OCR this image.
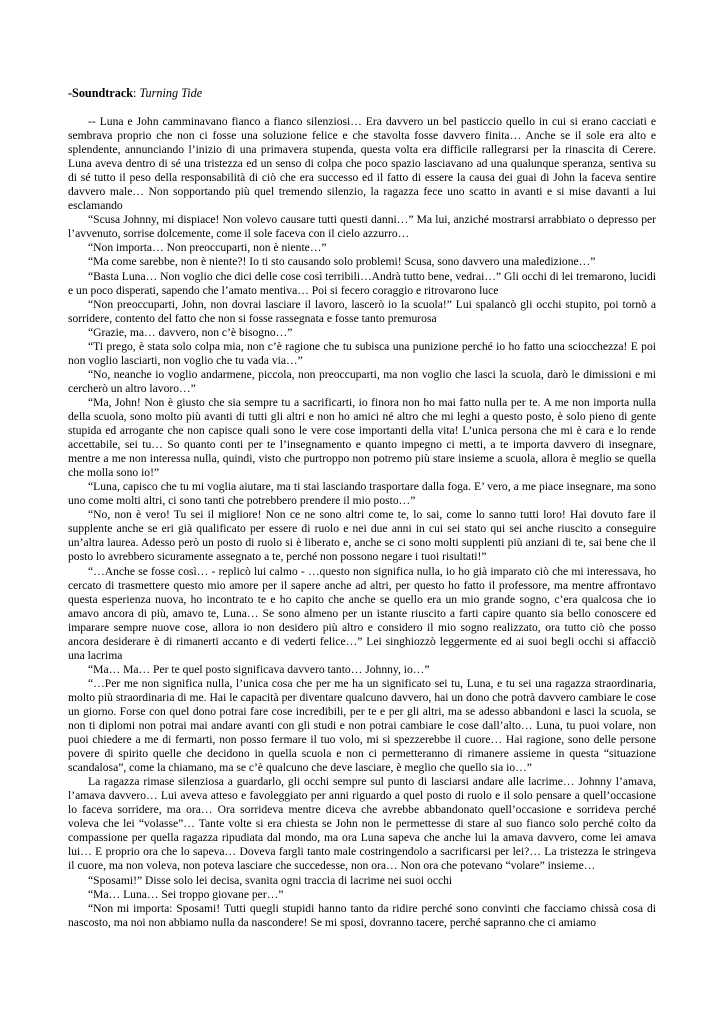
-Soundtrack: Turning Tide

-- Luna e John camminavano fianco a fianco silenziosi… Era davvero un bel pasticcio quello in cui si erano cacciati e sembrava proprio che non ci fosse una soluzione felice e che stavolta fosse davvero finita… Anche se il sole era alto e splendente, annunciando l’inizio di una primavera stupenda, questa volta era difficile rallegrarsi per la rinascita di Cerere. Luna aveva dentro di sé una tristezza ed un senso di colpa che poco spazio lasciavano ad una qualunque speranza, sentiva su di sé tutto il peso della responsabilità di ciò che era successo ed il fatto di essere la causa dei guai di John la faceva sentire davvero male… Non sopportando più quel tremendo silenzio, la ragazza fece uno scatto in avanti e si mise davanti a lui esclamando

“Scusa Johnny, mi dispiace! Non volevo causare tutti questi danni…” Ma lui, anziché mostrarsi arrabbiato o depresso per l’avvenuto, sorrise dolcemente, come il sole faceva con il cielo azzurro…

“Non importa… Non preoccuparti, non è niente…”

“Ma come sarebbe, non è niente?! Io ti sto causando solo problemi! Scusa, sono davvero una maledizione…”

“Basta Luna… Non voglio che dici delle cose così terribili…Andrà tutto bene, vedrai…” Gli occhi di lei tremarono, lucidi e un poco disperati, sapendo che l’amato mentiva… Poi si fecero coraggio e ritrovarono luce

“Non preoccuparti, John, non dovrai lasciare il lavoro, lascerò io la scuola!” Lui spalancò gli occhi stupito, poi tornò a sorridere, contento del fatto che non si fosse rassegnata e fosse tanto premurosa

“Grazie, ma… davvero, non c’è bisogno…”

“Ti prego, è stata solo colpa mia, non c’è ragione che tu subisca una punizione perché io ho fatto una sciocchezza! E poi non voglio lasciarti, non voglio che tu vada via…”

“No, neanche io voglio andarmene, piccola, non preoccuparti, ma non voglio che lasci la scuola, darò le dimissioni e mi cercherò un altro lavoro…”

“Ma, John! Non è giusto che sia sempre tu a sacrificarti, io finora non ho mai fatto nulla per te. A me non importa nulla della scuola, sono molto più avanti di tutti gli altri e non ho amici né altro che mi leghi a questo posto, è solo pieno di gente stupida ed arrogante che non capisce quali sono le vere cose importanti della vita! L’unica persona che mi è cara e lo rende accettabile, sei tu… So quanto conti per te l’insegnamento e quanto impegno ci metti, a te importa davvero di insegnare, mentre a me non interessa nulla, quindi, visto che purtroppo non potremo più stare insieme a scuola, allora è meglio se quella che molla sono io!”

“Luna, capisco che tu mi voglia aiutare, ma ti stai lasciando trasportare dalla foga. E’ vero, a me piace insegnare, ma sono uno come molti altri, ci sono tanti che potrebbero prendere il mio posto…”

“No, non è vero! Tu sei il migliore! Non ce ne sono altri come te, lo sai, come lo sanno tutti loro! Hai dovuto fare il supplente anche se eri già qualificato per essere di ruolo e nei due anni in cui sei stato qui sei anche riuscito a conseguire un’altra laurea. Adesso però un posto di ruolo si è liberato e, anche se ci sono molti supplenti più anziani di te, sai bene che il posto lo avrebbero sicuramente assegnato a te, perché non possono negare i tuoi risultati!”

“…Anche se fosse così… - replicò lui calmo - …questo non significa nulla, io ho già imparato ciò che mi interessava, ho cercato di trasmettere questo mio amore per il sapere anche ad altri, per questo ho fatto il professore, ma mentre affrontavo questa esperienza nuova, ho incontrato te e ho capito che anche se quello era un mio grande sogno, c’era qualcosa che io amavo ancora di più, amavo te, Luna… Se sono almeno per un istante riuscito a farti capire quanto sia bello conoscere ed imparare sempre nuove cose, allora io non desidero più altro e considero il mio sogno realizzato, ora tutto ciò che posso ancora desiderare è di rimanerti accanto e di vederti felice…” Lei singhiozzò leggermente ed ai suoi begli occhi si affacciò una lacrima

“Ma… Ma… Per te quel posto significava davvero tanto… Johnny, io…”

“…Per me non significa nulla, l’unica cosa che per me ha un significato sei tu, Luna, e tu sei una ragazza straordinaria, molto più straordinaria di me. Hai le capacità per diventare qualcuno davvero, hai un dono che potrà davvero cambiare le cose un giorno. Forse con quel dono potrai fare cose incredibili, per te e per gli altri, ma se adesso abbandoni e lasci la scuola, se non ti diplomi non potrai mai andare avanti con gli studi e non potrai cambiare le cose dall’alto… Luna, tu puoi volare, non puoi chiedere a me di fermarti, non posso fermare il tuo volo, mi si spezzerebbe il cuore… Hai ragione, sono delle persone povere di spirito quelle che decidono in quella scuola e non ci permetteranno di rimanere assieme in questa “situazione scandalosa”, come la chiamano, ma se c’è qualcuno che deve lasciare, è meglio che quello sia io…”

La ragazza rimase silenziosa a guardarlo, gli occhi sempre sul punto di lasciarsi andare alle lacrime… Johnny l’amava, l’amava davvero… Lui aveva atteso e favoleggiato per anni riguardo a quel posto di ruolo e il solo pensare a quell’occasione lo faceva sorridere, ma ora… Ora sorrideva mentre diceva che avrebbe abbandonato quell’occasione e sorrideva perché voleva che lei “volasse”… Tante volte si era chiesta se John non le permettesse di stare al suo fianco solo perché colto da compassione per quella ragazza ripudiata dal mondo, ma ora Luna sapeva che anche lui la amava davvero, come lei amava lui… E proprio ora che lo sapeva… Doveva fargli tanto male costringendolo a sacrificarsi per lei?… La tristezza le stringeva il cuore, ma non voleva, non poteva lasciare che succedesse, non ora… Non ora che potevano “volare” insieme…

“Sposami!” Disse solo lei decisa, svanita ogni traccia di lacrime nei suoi occhi

“Ma… Luna… Sei troppo giovane per…”

“Non mi importa: Sposami! Tutti quegli stupidi hanno tanto da ridire perché sono convinti che facciamo chissà cosa di nascosto, ma noi non abbiamo nulla da nascondere! Se mi sposi, dovranno tacere, perché sapranno che ci amiamo
